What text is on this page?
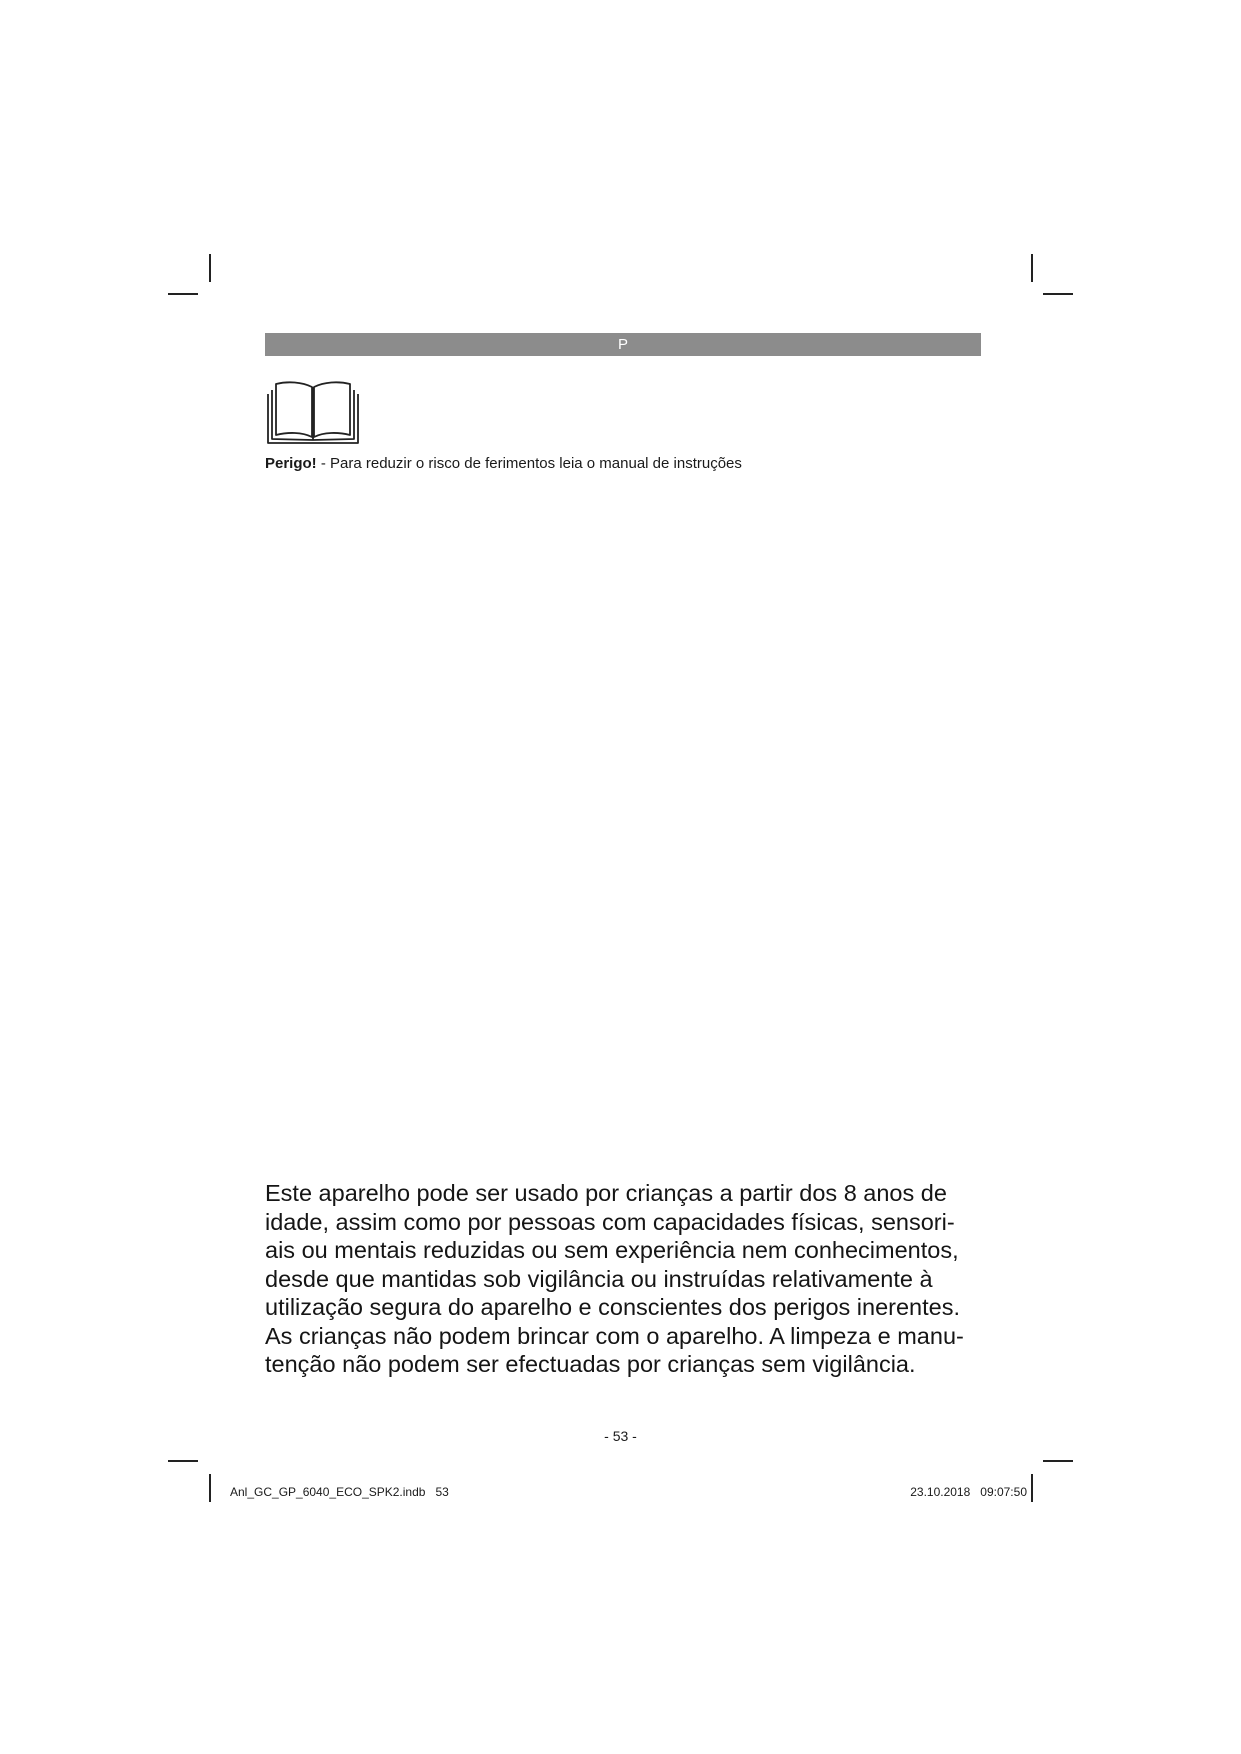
P
Perigo! - Para reduzir o risco de ferimentos leia o manual de instruções
Este aparelho pode ser usado por crianças a partir dos 8 anos de
idade, assim como por pessoas com capacidades físicas, sensori-
ais ou mentais reduzidas ou sem experiência nem conhecimentos,
desde que mantidas sob vigilância ou instruídas relativamente à
utilização segura do aparelho e conscientes dos perigos inerentes.
As crianças não podem brincar com o aparelho. A limpeza e manu-
tenção não podem ser efectuadas por crianças sem vigilância.
- 53 -
Anl_GC_GP_6040_ECO_SPK2.indb   53	23.10.2018 09:07:50
